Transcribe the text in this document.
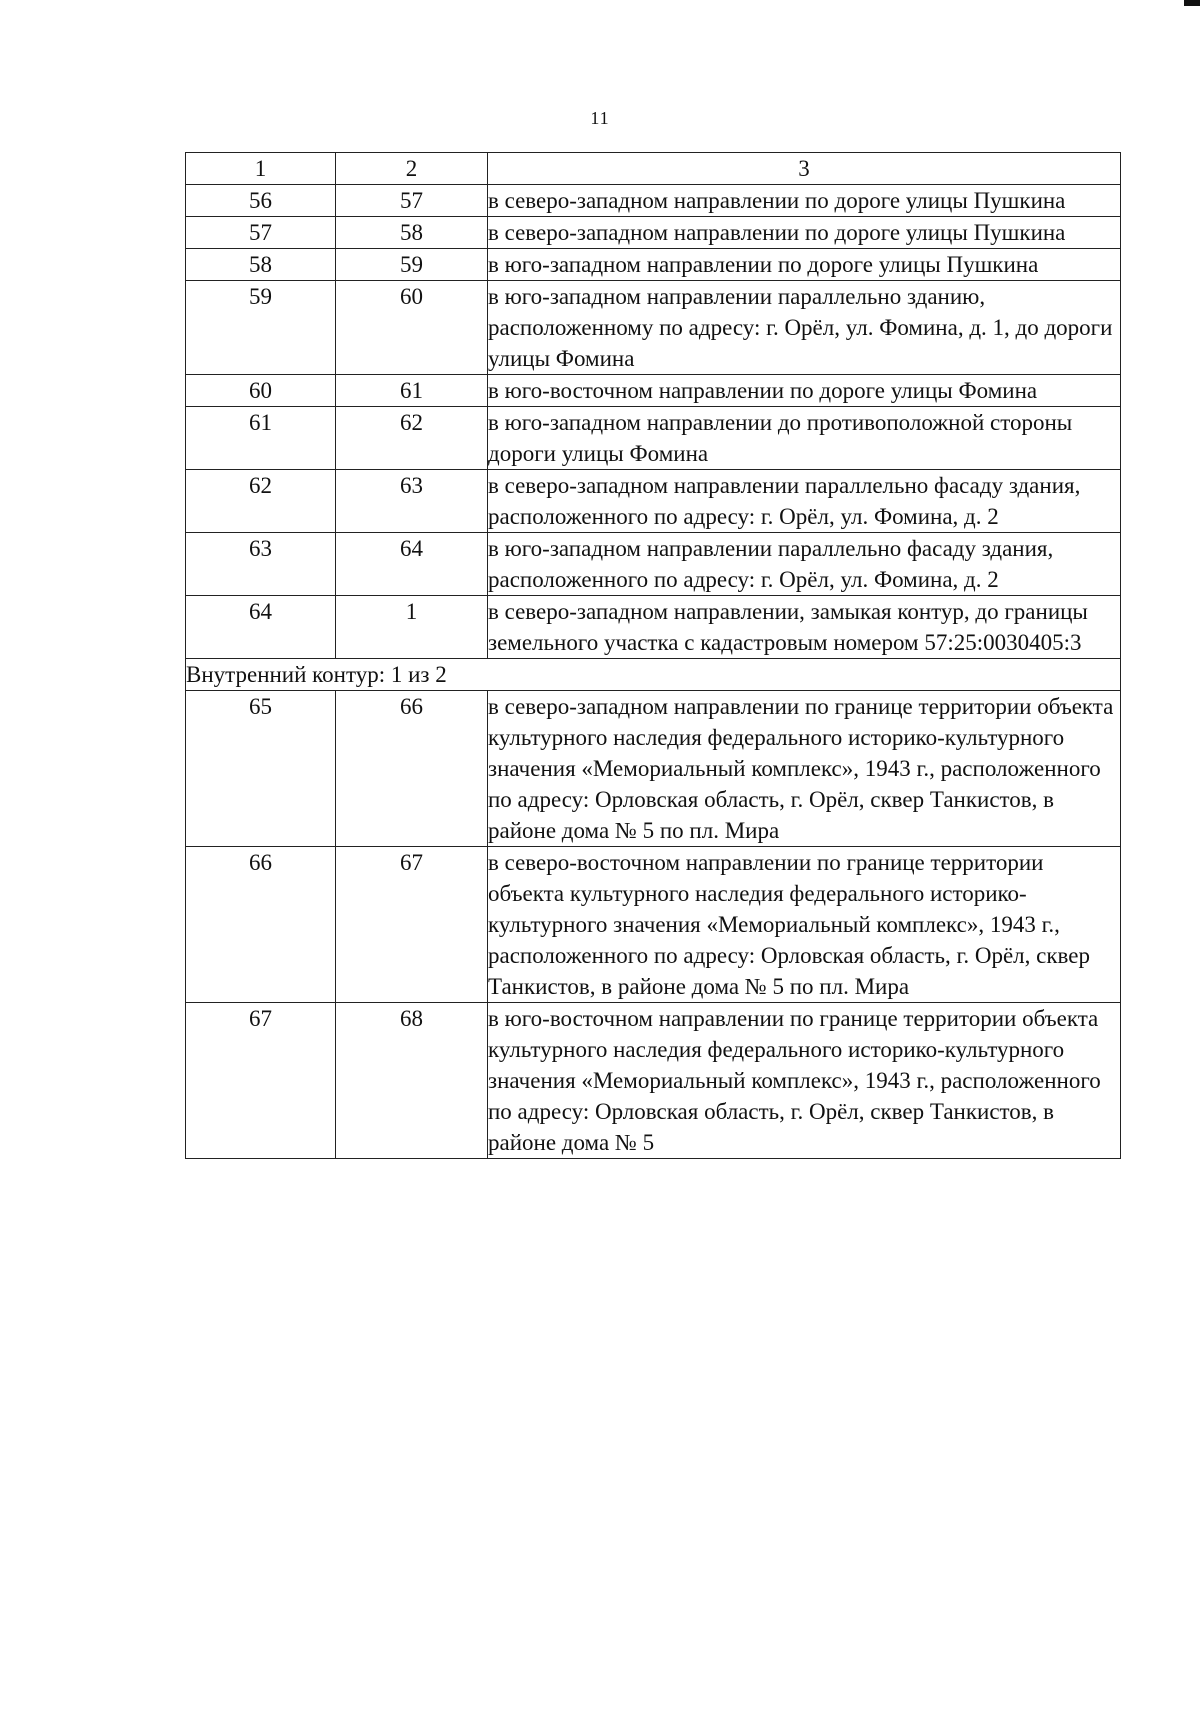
11
1	2	3
56	57	в северо-западном направлении по дороге улицы Пушкина
57	58	в северо-западном направлении по дороге улицы Пушкина
58	59	в юго-западном направлении по дороге улицы Пушкина
59	60	в юго-западном направлении параллельно зданию, расположенному по адресу: г. Орёл, ул. Фомина, д. 1, до дороги улицы Фомина
60	61	в юго-восточном направлении по дороге улицы Фомина
61	62	в юго-западном направлении до противоположной стороны дороги улицы Фомина
62	63	в северо-западном направлении параллельно фасаду здания, расположенного по адресу: г. Орёл, ул. Фомина, д. 2
63	64	в юго-западном направлении параллельно фасаду здания, расположенного по адресу: г. Орёл, ул. Фомина, д. 2
64	1	в северо-западном направлении, замыкая контур, до границы земельного участка с кадастровым номером 57:25:0030405:3
Внутренний контур: 1 из 2		
65	66	в северо-западном направлении по границе территории объекта культурного наследия федерального историко-культурного значения «Мемориальный комплекс», 1943 г., расположенного по адресу: Орловская область, г. Орёл, сквер Танкистов, в районе дома № 5 по пл. Мира
66	67	в северо-восточном направлении по границе территории объекта культурного наследия федерального историко-культурного значения «Мемориальный комплекс», 1943 г., расположенного по адресу: Орловская область, г. Орёл, сквер Танкистов, в районе дома № 5 по пл. Мира
67	68	в юго-восточном направлении по границе территории объекта культурного наследия федерального историко-культурного значения «Мемориальный комплекс», 1943 г., расположенного по адресу: Орловская область, г. Орёл, сквер Танкистов, в районе дома № 5
